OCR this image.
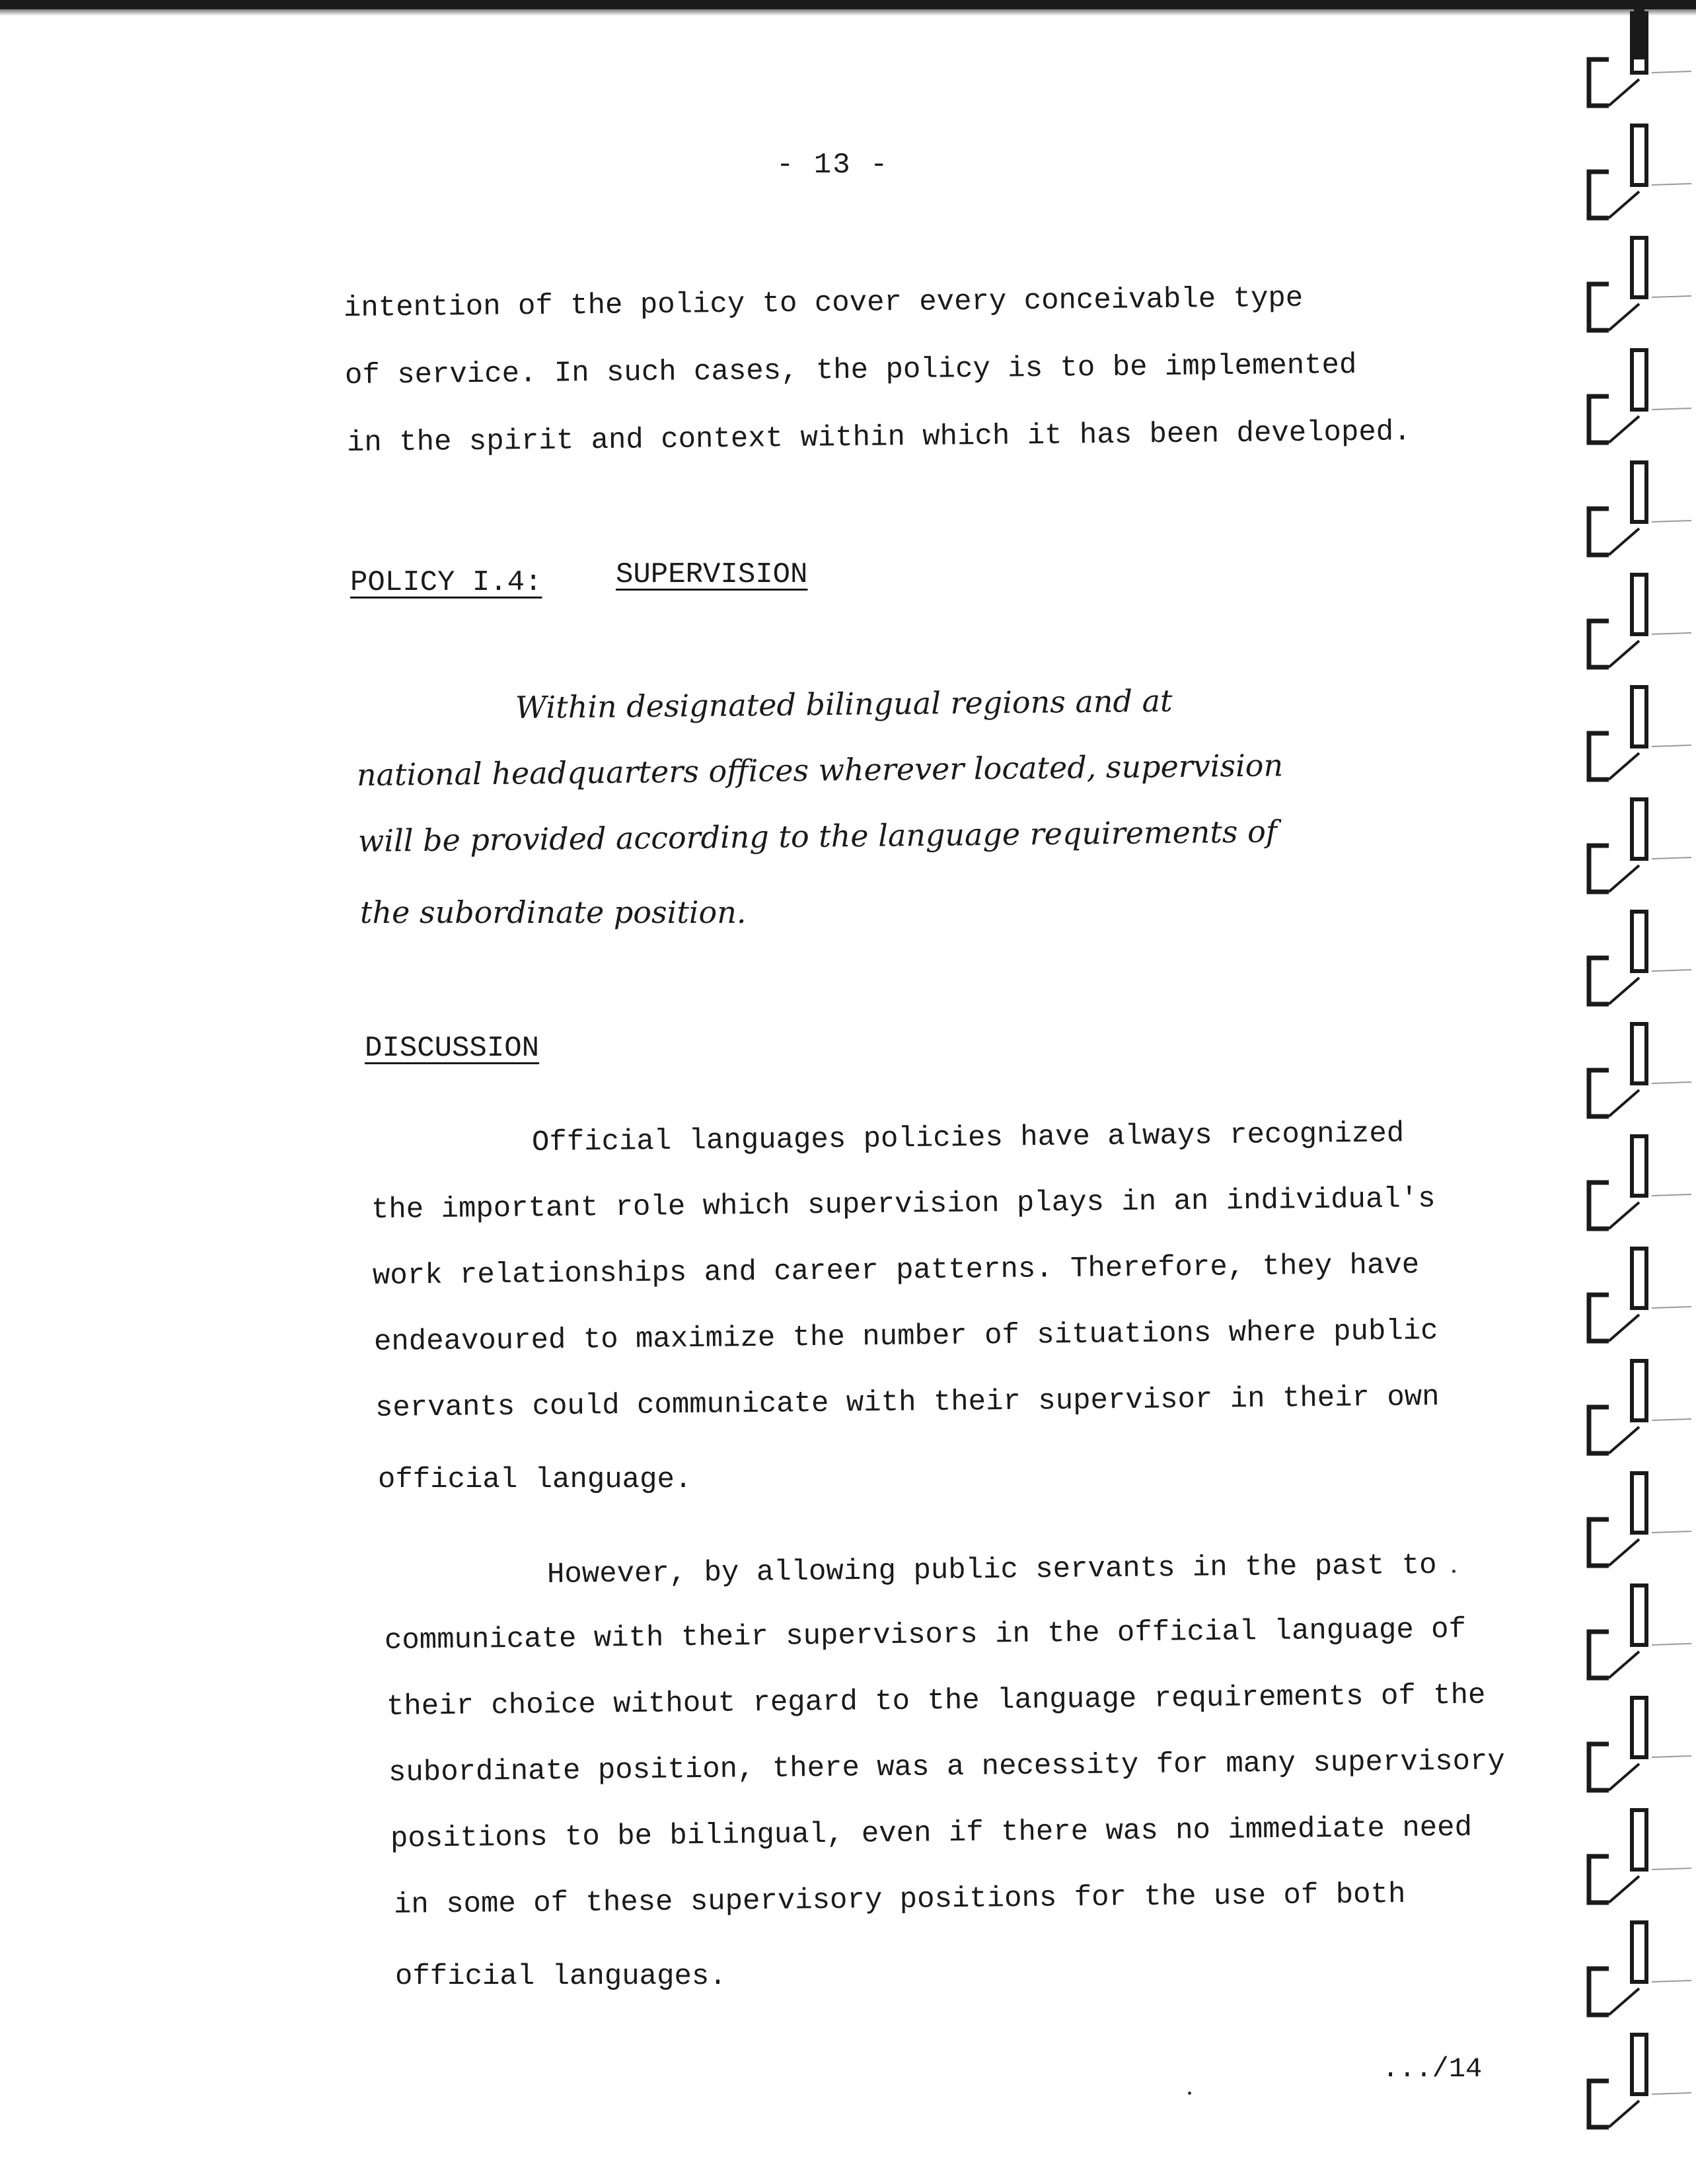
- 13 -
intention of the policy to cover every conceivable type
of service. In such cases, the policy is to be implemented
in the spirit and context within which it has been developed.
POLICY I.4:	SUPERVISION
Within designated bilingual regions and at
national headquarters offices wherever located, supervision
will be provided according to the language requirements of
the subordinate position.
DISCUSSION
Official languages policies have always recognized
the important role which supervision plays in an individual's
work relationships and career patterns. Therefore, they have
endeavoured to maximize the number of situations where public
servants could communicate with their supervisor in their own
official language.
However, by allowing public servants in the past to
communicate with their supervisors in the official language of
their choice without regard to the language requirements of the
subordinate position, there was a necessity for many supervisory
positions to be bilingual, even if there was no immediate need
in some of these supervisory positions for the use of both
official languages.
.../14
